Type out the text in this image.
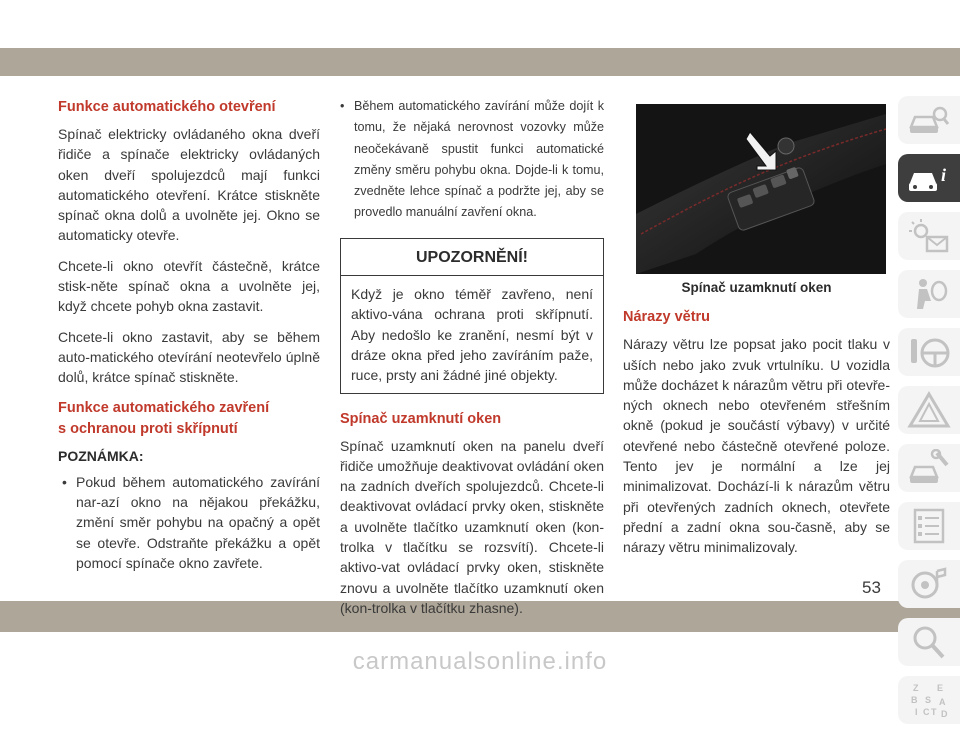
Funkce automatického otevření

Spínač elektricky ovládaného okna dveří řidiče a spínače elektricky ovládaných oken dveří spolujezdců mají funkci automatického otevření. Krátce stiskněte spínač okna dolů a uvolněte jej. Okno se automaticky otevře.

Chcete-li okno otevřít částečně, krátce stisk-něte spínač okna a uvolněte jej, když chcete pohyb okna zastavit.

Chcete-li okno zastavit, aby se během auto-matického otevírání neotevřelo úplně dolů, krátce spínač stiskněte.

Funkce automatického zavření
s ochranou proti skřípnutí
POZNÁMKA:

• Pokud během automatického zavírání nar-azí okno na nějakou překážku, změní směr pohybu na opačný a opět se otevře. Odstraňte překážku a opět pomocí spínače okno zavřete.

• Během automatického zavírání může dojít k tomu, že nějaká nerovnost vozovky může neočekávaně spustit funkci automatické změny směru pohybu okna. Dojde-li k tomu, zvedněte lehce spínač a podržte jej, aby se provedlo manuální zavření okna.

UPOZORNĚNÍ!
Když je okno téměř zavřeno, není aktivo-vána ochrana proti skřípnutí. Aby nedošlo ke zranění, nesmí být v dráze okna před jeho zavíráním paže, ruce, prsty ani žádné jiné objekty.
Spínač uzamknutí oken

Spínač uzamknutí oken na panelu dveří řidiče umožňuje deaktivovat ovládání oken na zadních dveřích spolujezdců. Chcete-li deaktivovat ovládací prvky oken, stiskněte a uvolněte tlačítko uzamknutí oken (kon-trolka v tlačítku se rozsvítí). Chcete-li aktivo-vat ovládací prvky oken, stiskněte znovu a uvolněte tlačítko uzamknutí oken (kon-trolka v tlačítku zhasne).

Spínač uzamknutí oken
Nárazy větru

Nárazy větru lze popsat jako pocit tlaku v uších nebo jako zvuk vrtulníku. U vozidla může docházet k nárazům větru při otevře-ných oknech nebo otevřeném střešním okně (pokud je součástí výbavy) v určité otevřené nebo částečně otevřené poloze. Tento jev je normální a lze jej minimalizovat. Dochází-li k nárazům větru při otevřených zadních oknech, otevřete přední a zadní okna sou-časně, aby se nárazy větru minimalizovaly.

i
Z E
B S A
I C T D
53
carmanualsonline.info
